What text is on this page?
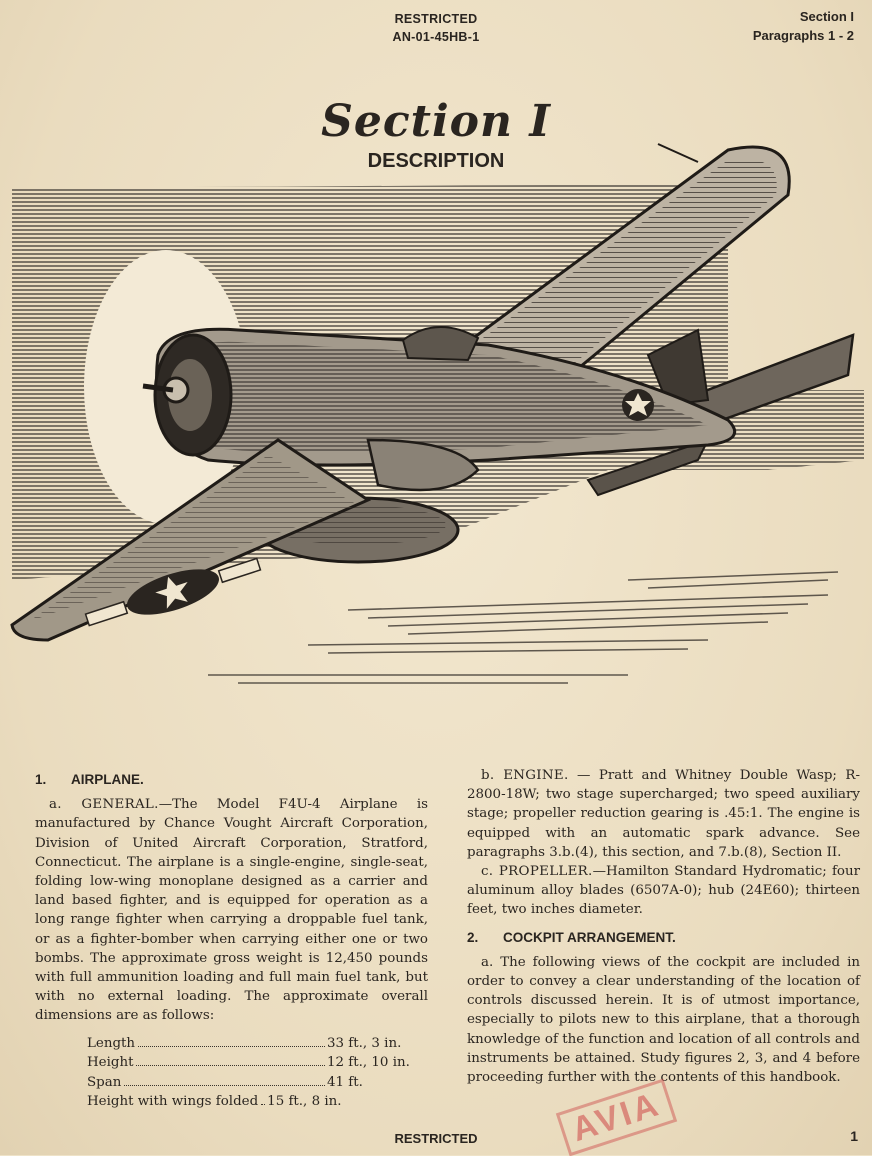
RESTRICTED
AN-01-45HB-1
Section I
Paragraphs 1 - 2
Section I
DESCRIPTION
1. AIRPLANE.

a. GENERAL.—The Model F4U-4 Airplane is manufactured by Chance Vought Aircraft Corporation, Division of United Aircraft Corporation, Stratford, Connecticut. The airplane is a single-engine, single-seat, folding low-wing monoplane designed as a carrier and land based fighter, and is equipped for operation as a long range fighter when carrying a droppable fuel tank, or as a fighter-bomber when carrying either one or two bombs. The approximate gross weight is 12,450 pounds with full ammunition loading and full main fuel tank, but with no external loading. The approximate overall dimensions are as follows:

Length	33 ft., 3 in.
Height	12 ft., 10 in.
Span	41 ft.
Height with wings folded 15 ft., 8 in.

b. ENGINE. — Pratt and Whitney Double Wasp; R-2800-18W; two stage supercharged; two speed auxiliary stage; propeller reduction gearing is .45:1. The engine is equipped with an automatic spark advance. See paragraphs 3.b.(4), this section, and 7.b.(8), Section II.

c. PROPELLER.—Hamilton Standard Hydromatic; four aluminum alloy blades (6507A-0); hub (24E60); thirteen feet, two inches diameter.

2. COCKPIT ARRANGEMENT.

a. The following views of the cockpit are included in order to convey a clear understanding of the location of controls discussed herein. It is of utmost importance, especially to pilots new to this airplane, that a thorough knowledge of the function and location of all controls and instruments be attained. Study figures 2, 3, and 4 before proceeding further with the contents of this handbook.

AVIA
RESTRICTED	1
